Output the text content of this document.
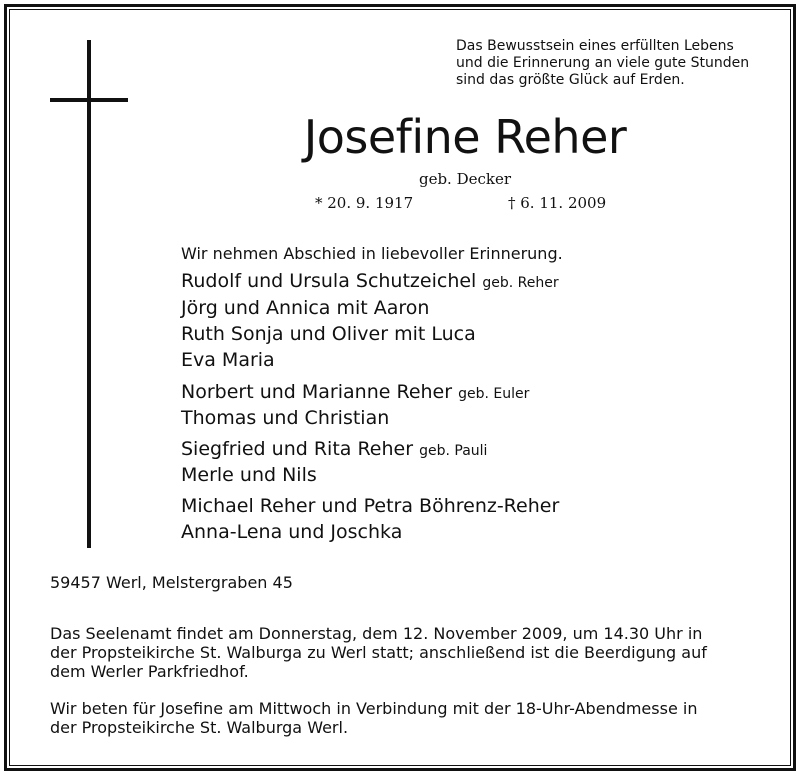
Das Bewusstsein eines erfüllten Lebens
und die Erinnerung an viele gute Stunden
sind das größte Glück auf Erden.
Josefine Reher
geb. Decker
* 20. 9. 1917	† 6. 11. 2009
Wir nehmen Abschied in liebevoller Erinnerung.
Rudolf und Ursula Schutzeichel geb. Reher
Jörg und Annica mit Aaron
Ruth Sonja und Oliver mit Luca
Eva Maria
Norbert und Marianne Reher geb. Euler
Thomas und Christian
Siegfried und Rita Reher geb. Pauli
Merle und Nils
Michael Reher und Petra Böhrenz-Reher
Anna-Lena und Joschka
59457 Werl, Melstergraben 45
Das Seelenamt findet am Donnerstag, dem 12. November 2009, um 14.30 Uhr in
der Propsteikirche St. Walburga zu Werl statt; anschließend ist die Beerdigung auf
dem Werler Parkfriedhof.
Wir beten für Josefine am Mittwoch in Verbindung mit der 18-Uhr-Abendmesse in
der Propsteikirche St. Walburga Werl.
